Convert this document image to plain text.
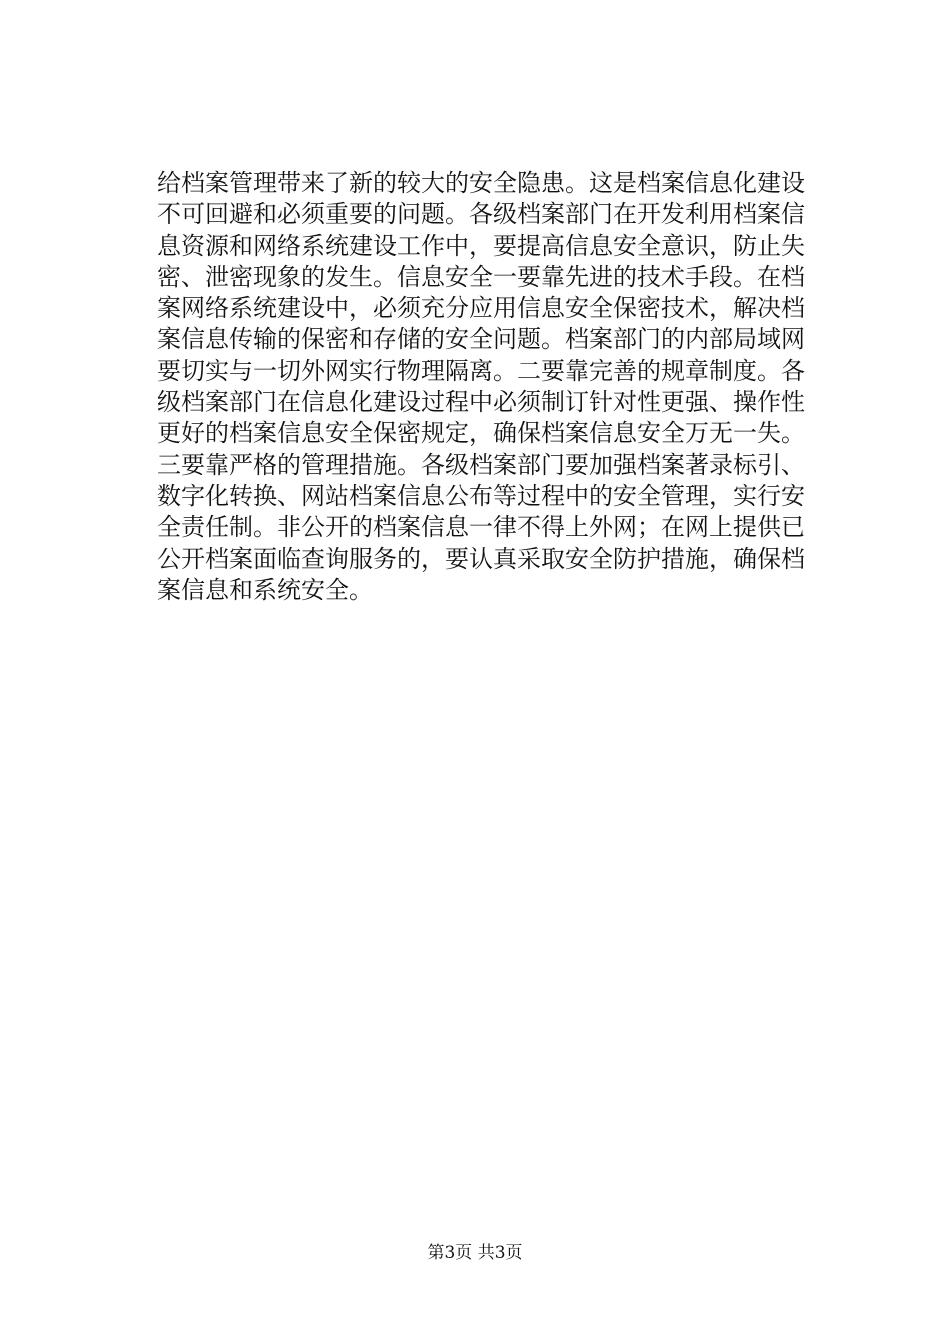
给档案管理带来了新的较大的安全隐患。这是档案信息化建设
不可回避和必须重要的问题。各级档案部门在开发利用档案信
息资源和网络系统建设工作中，要提高信息安全意识，防止失
密、泄密现象的发生。信息安全一要靠先进的技术手段。在档
案网络系统建设中，必须充分应用信息安全保密技术，解决档
案信息传输的保密和存储的安全问题。档案部门的内部局域网
要切实与一切外网实行物理隔离。二要靠完善的规章制度。各
级档案部门在信息化建设过程中必须制订针对性更强、操作性
更好的档案信息安全保密规定，确保档案信息安全万无一失。
三要靠严格的管理措施。各级档案部门要加强档案著录标引、
数字化转换、网站档案信息公布等过程中的安全管理，实行安
全责任制。非公开的档案信息一律不得上外网；在网上提供已
公开档案面临查询服务的，要认真采取安全防护措施，确保档
案信息和系统安全。
第3页 共3页
